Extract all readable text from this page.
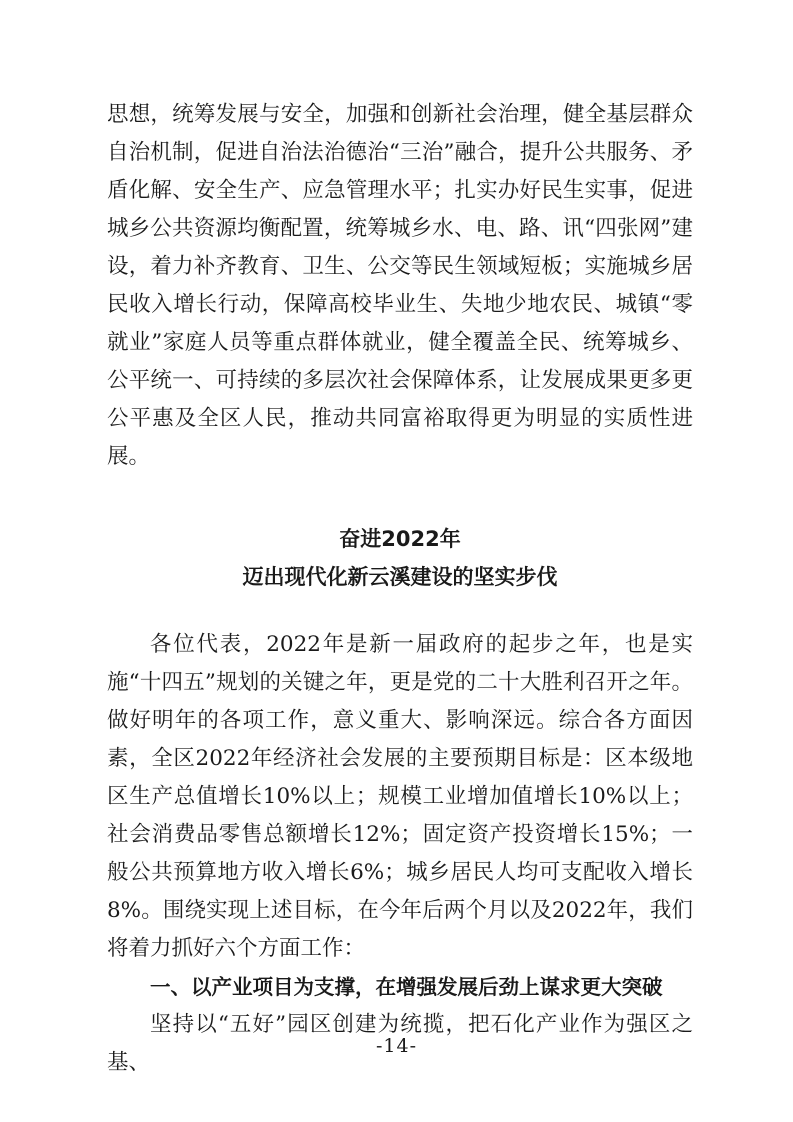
思想，统筹发展与安全，加强和创新社会治理，健全基层群众自治机制，促进自治法治德治“三治”融合，提升公共服务、矛盾化解、安全生产、应急管理水平；扎实办好民生实事，促进城乡公共资源均衡配置，统筹城乡水、电、路、讯“四张网”建设，着力补齐教育、卫生、公交等民生领域短板；实施城乡居民收入增长行动，保障高校毕业生、失地少地农民、城镇“零就业”家庭人员等重点群体就业，健全覆盖全民、统筹城乡、公平统一、可持续的多层次社会保障体系，让发展成果更多更公平惠及全区人民，推动共同富裕取得更为明显的实质性进展。

奋进2022年

迈出现代化新云溪建设的坚实步伐

各位代表，2022年是新一届政府的起步之年，也是实施“十四五”规划的关键之年，更是党的二十大胜利召开之年。做好明年的各项工作，意义重大、影响深远。综合各方面因素，全区2022年经济社会发展的主要预期目标是：区本级地区生产总值增长10%以上；规模工业增加值增长10%以上；社会消费品零售总额增长12%；固定资产投资增长15%；一般公共预算地方收入增长6%；城乡居民人均可支配收入增长8%。围绕实现上述目标，在今年后两个月以及2022年，我们将着力抓好六个方面工作：

一、以产业项目为支撑，在增强发展后劲上谋求更大突破

坚持以“五好”园区创建为统揽，把石化产业作为强区之基、

-14-
